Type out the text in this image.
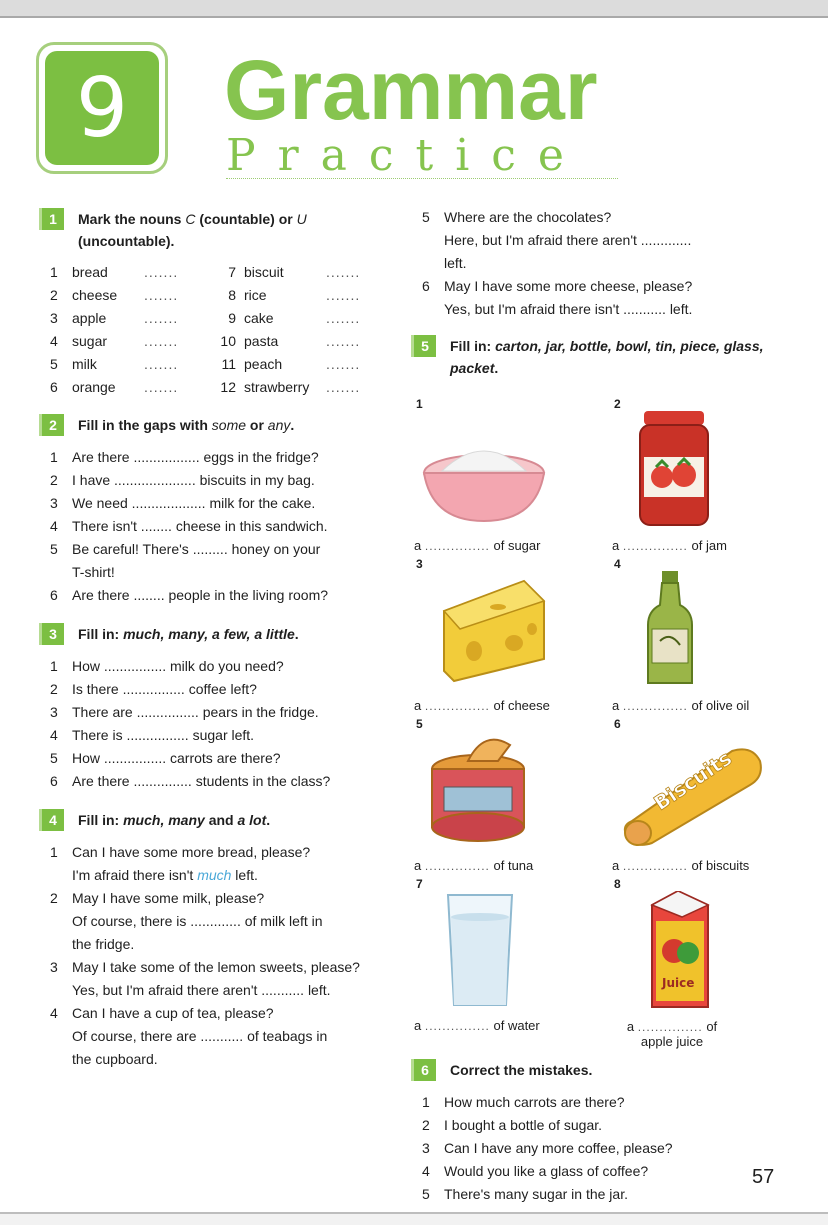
9 Grammar
Practice
1	Mark the nouns C (countable) or U (uncountable).
1	bread	.......	7 biscuit	.......
2	cheese	.......	8 rice	.......
3	apple	.......	9 cake	.......
4	sugar	.......	10 pasta	.......
5	milk	.......	11 peach	.......
6	orange	.......	12 strawberry	.......
2	Fill in the gaps with some or any.
1	Are there ................. eggs in the fridge?
2	I have ..................... biscuits in my bag.
3	We need ................... milk for the cake.
4	There isn't ........ cheese in this sandwich.
5	Be careful! There's ......... honey on your
T-shirt!
6	Are there ........ people in the living room?
3	Fill in: much, many, a few, a little.
1	How ................ milk do you need?
2	Is there ................ coffee left?
3	There are ................ pears in the fridge.
4	There is ................ sugar left.
5	How ................ carrots are there?
6	Are there ............... students in the class?
4	Fill in: much, many and a lot.
1	Can I have some more bread, please?
I'm afraid there isn't much left.
2	May I have some milk, please?
Of course, there is ............. of milk left in
the fridge.
3	May I take some of the lemon sweets, please?
Yes, but I'm afraid there aren't ........... left.
4	Can I have a cup of tea, please?
Of course, there are ........... of teabags in
the cupboard.
5	Where are the chocolates?
Here, but I'm afraid there aren't .............
left.
6	May I have some more cheese, please?
Yes, but I'm afraid there isn't ........... left.
5	Fill in: carton, jar, bottle, bowl, tin, piece, glass, packet.
1
a ............... of sugar
2
a ............... of jam
3
a ............... of cheese
4
a ............... of olive oil
5
a ............... of tuna
6
Biscuits
a ............... of biscuits
7
a ............... of water
8
Juice
a ............... of
apple juice
6	Correct the mistakes.
1	How much carrots are there?
2	I bought a bottle of sugar.
3	Can I have any more coffee, please?
4	Would you like a glass of coffee?
5	There's many sugar in the jar.
57
